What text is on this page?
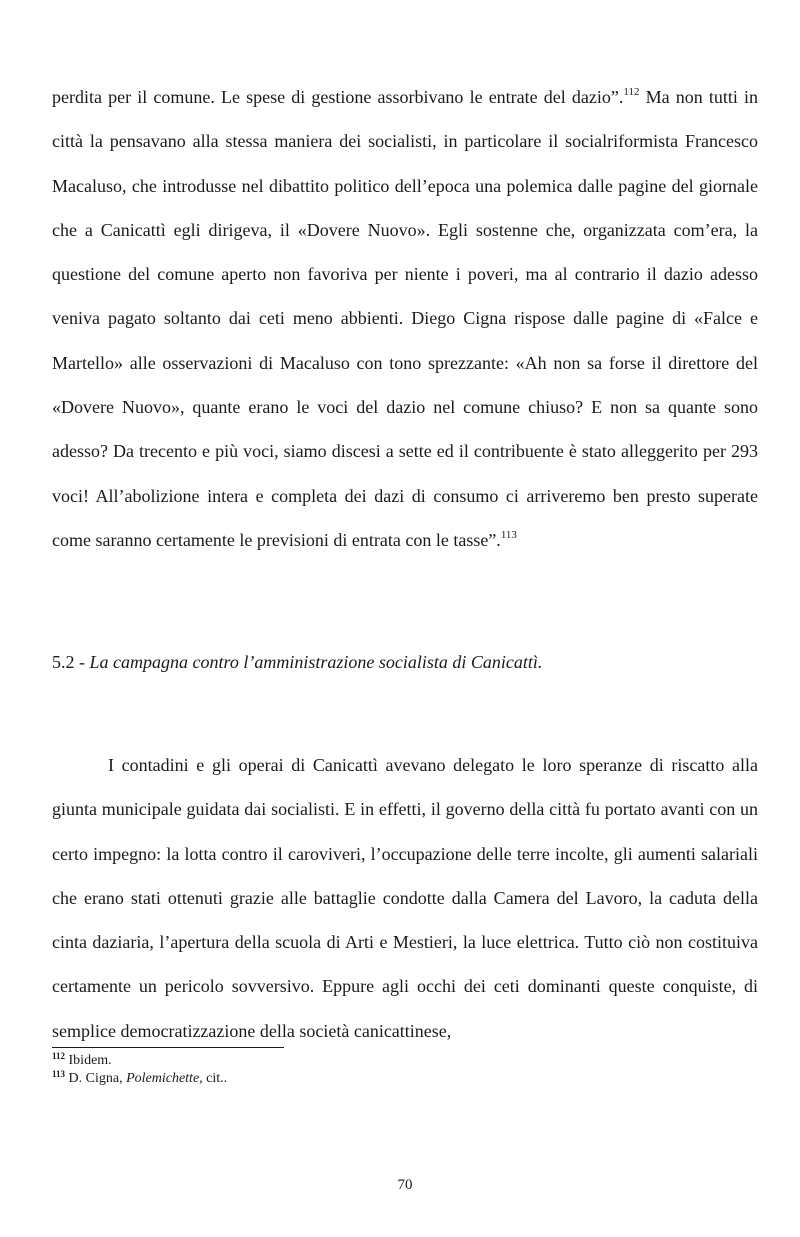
perdita per il comune. Le spese di gestione assorbivano le entrate del dazio”.$^{112}$ Ma non tutti in città la pensavano alla stessa maniera dei socialisti, in particolare il socialriformista Francesco Macaluso, che introdusse nel dibattito politico dell’epoca una polemica dalle pagine del giornale che a Canicattì egli dirigeva, il «Dovere Nuovo». Egli sostenne che, organizzata com’era, la questione del comune aperto non favoriva per niente i poveri, ma al contrario il dazio adesso veniva pagato soltanto dai ceti meno abbienti. Diego Cigna rispose dalle pagine di «Falce e Martello» alle osservazioni di Macaluso con tono sprezzante: «Ah non sa forse il direttore del «Dovere Nuovo», quante erano le voci del dazio nel comune chiuso? E non sa quante sono adesso? Da trecento e più voci, siamo discesi a sette ed il contribuente è stato alleggerito per 293 voci! All’abolizione intera e completa dei dazi di consumo ci arriveremo ben presto superate come saranno certamente le previsioni di entrata con le tasse”.$^{113}$

5.2 - La campagna contro l’amministrazione socialista di Canicattì.

I contadini e gli operai di Canicattì avevano delegato le loro speranze di riscatto alla giunta municipale guidata dai socialisti. E in effetti, il governo della città fu portato avanti con un certo impegno: la lotta contro il caroviveri, l’occupazione delle terre incolte, gli aumenti salariali che erano stati ottenuti grazie alle battaglie condotte dalla Camera del Lavoro, la caduta della cinta daziaria, l’apertura della scuola di Arti e Mestieri, la luce elettrica. Tutto ciò non costituiva certamente un pericolo sovversivo. Eppure agli occhi dei ceti dominanti queste conquiste, di semplice democratizzazione della società canicattinese,

$^{112}$ Ibidem.

$^{113}$ D. Cigna, Polemichette, cit..

70
